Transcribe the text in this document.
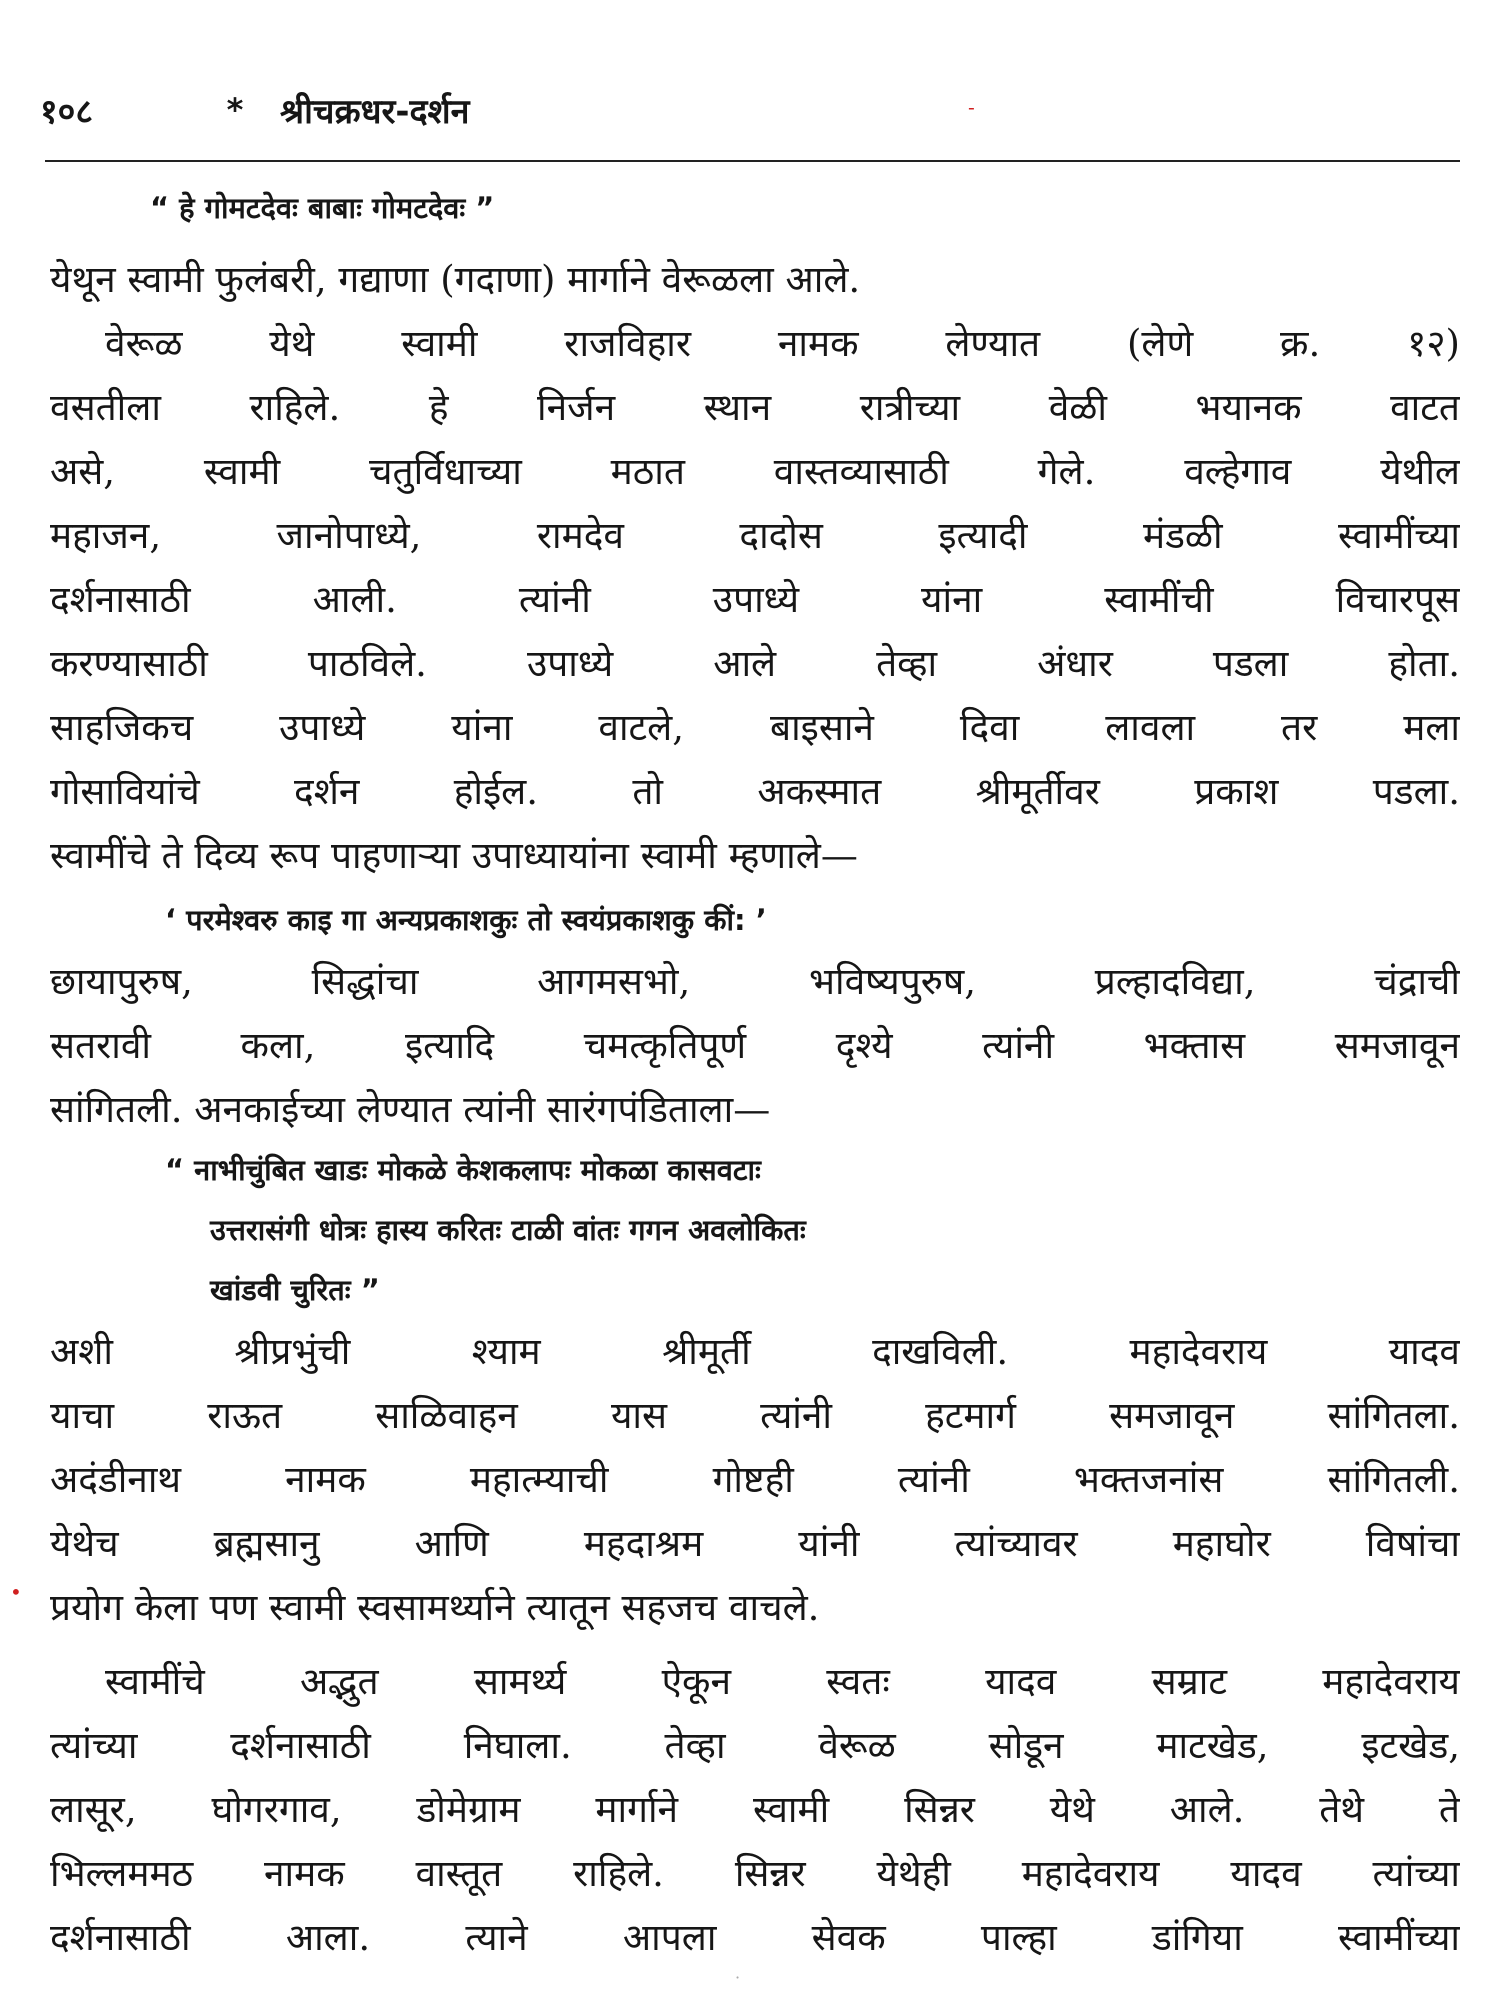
१०८	*	श्रीचक्रधर-दर्शन
“ हे गोमटदेवः बाबाः गोमटदेवः ”
येथून स्वामी फुलंबरी, गद्याणा (गदाणा) मार्गाने वेरूळला आले.
वेरूळ येथे स्वामी राजविहार नामक लेण्यात (लेणे क्र. १२)
वसतीला राहिले. हे निर्जन स्थान रात्रीच्या वेळी भयानक वाटत
असे, स्वामी चतुर्विधाच्या मठात वास्तव्यासाठी गेले. वल्हेगाव येथील
महाजन, जानोपाध्ये, रामदेव दादोस इत्यादी मंडळी स्वामींच्या
दर्शनासाठी आली. त्यांनी उपाध्ये यांना स्वामींची विचारपूस
करण्यासाठी पाठविले. उपाध्ये आले तेव्हा अंधार पडला होता.
साहजिकच उपाध्ये यांना वाटले, बाइसाने दिवा लावला तर मला
गोसावियांचे दर्शन होईल. तो अकस्मात श्रीमूर्तीवर प्रकाश पडला.
स्वामींचे ते दिव्य रूप पाहणाऱ्या उपाध्यायांना स्वामी म्हणाले—
‘ परमेश्वरु काइ गा अन्यप्रकाशकुः तो स्वयंप्रकाशकु कीं: ’
छायापुरुष, सिद्धांचा आगमसभो, भविष्यपुरुष, प्रल्हादविद्या, चंद्राची
सतरावी कला, इत्यादि चमत्कृतिपूर्ण दृश्ये त्यांनी भक्तास समजावून
सांगितली. अनकाईच्या लेण्यात त्यांनी सारंगपंडिताला—
“ नाभीचुंबित खाडः मोकळे केशकलापः मोकळा कासवटाः
उत्तरासंगी धोत्रः हास्य करितः टाळी वांतः गगन अवलोकितः
खांडवी चुरितः ”
अशी श्रीप्रभुंची श्याम श्रीमूर्ती दाखविली. महादेवराय यादव
याचा राऊत साळिवाहन यास त्यांनी हटमार्ग समजावून सांगितला.
अदंडीनाथ नामक महात्म्याची गोष्टही त्यांनी भक्तजनांस सांगितली.
येथेच ब्रह्मसानु आणि महदाश्रम यांनी त्यांच्यावर महाघोर विषांचा
प्रयोग केला पण स्वामी स्वसामर्थ्याने त्यातून सहजच वाचले.
स्वामींचे अद्भुत सामर्थ्य ऐकून स्वतः यादव सम्राट महादेवराय
त्यांच्या दर्शनासाठी निघाला. तेव्हा वेरूळ सोडून माटखेड, इटखेड,
लासूर, घोगरगाव, डोमेग्राम मार्गाने स्वामी सिन्नर येथे आले. तेथे ते
भिल्लममठ नामक वास्तूत राहिले. सिन्नर येथेही महादेवराय यादव त्यांच्या
दर्शनासाठी आला. त्याने आपला सेवक पाल्हा डांगिया स्वामींच्या
-
•
·
